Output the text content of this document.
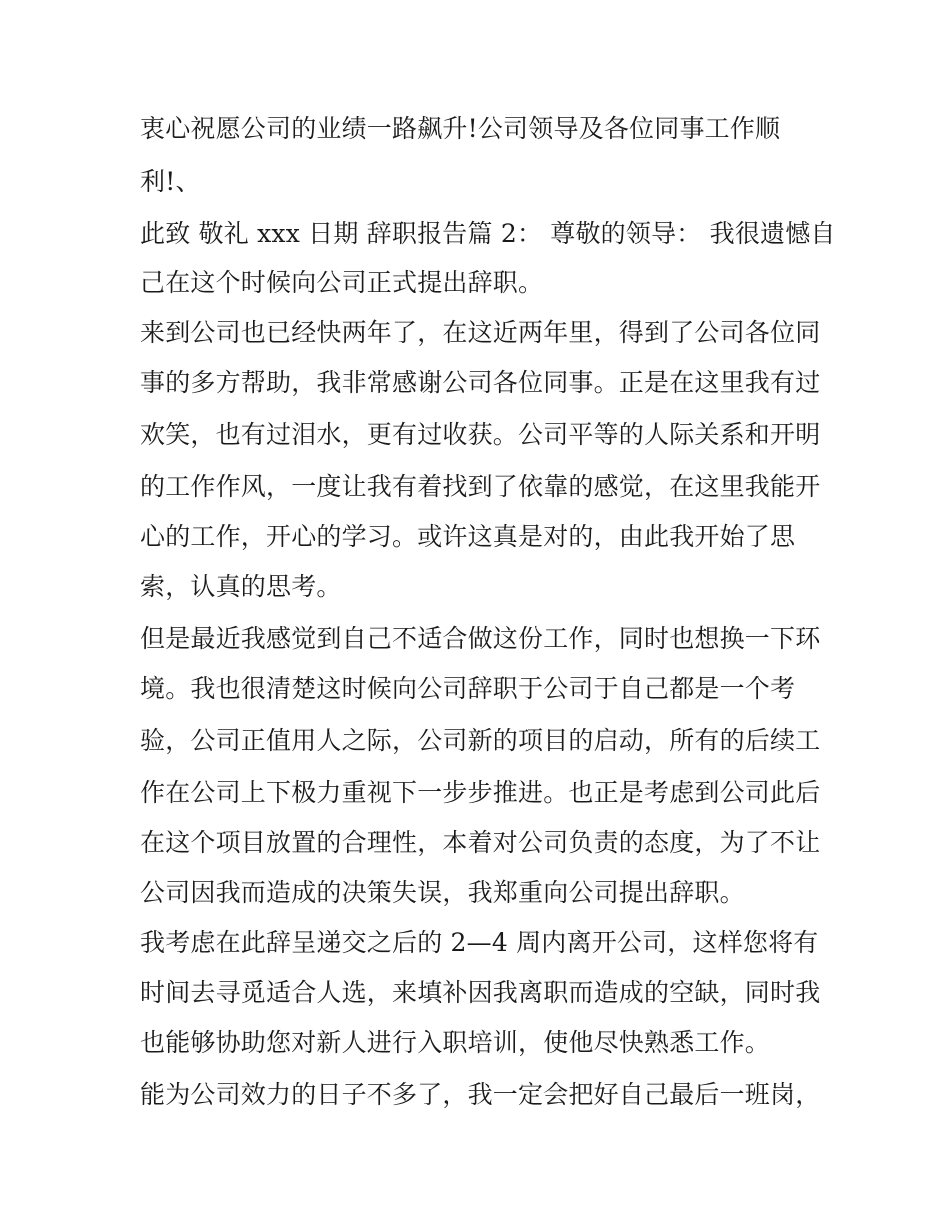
衷心祝愿公司的业绩一路飙升!公司领导及各位同事工作顺
利!、
此致 敬礼 xxx 日期 辞职报告篇 2： 尊敬的领导： 我很遗憾自
己在这个时候向公司正式提出辞职。
来到公司也已经快两年了，在这近两年里，得到了公司各位同
事的多方帮助，我非常感谢公司各位同事。正是在这里我有过
欢笑，也有过泪水，更有过收获。公司平等的人际关系和开明
的工作作风，一度让我有着找到了依靠的感觉，在这里我能开
心的工作，开心的学习。或许这真是对的，由此我开始了思
索，认真的思考。
但是最近我感觉到自己不适合做这份工作，同时也想换一下环
境。我也很清楚这时候向公司辞职于公司于自己都是一个考
验，公司正值用人之际，公司新的项目的启动，所有的后续工
作在公司上下极力重视下一步步推进。也正是考虑到公司此后
在这个项目放置的合理性，本着对公司负责的态度，为了不让
公司因我而造成的决策失误，我郑重向公司提出辞职。
我考虑在此辞呈递交之后的 2—4 周内离开公司，这样您将有
时间去寻觅适合人选，来填补因我离职而造成的空缺，同时我
也能够协助您对新人进行入职培训，使他尽快熟悉工作。
能为公司效力的日子不多了，我一定会把好自己最后一班岗，
